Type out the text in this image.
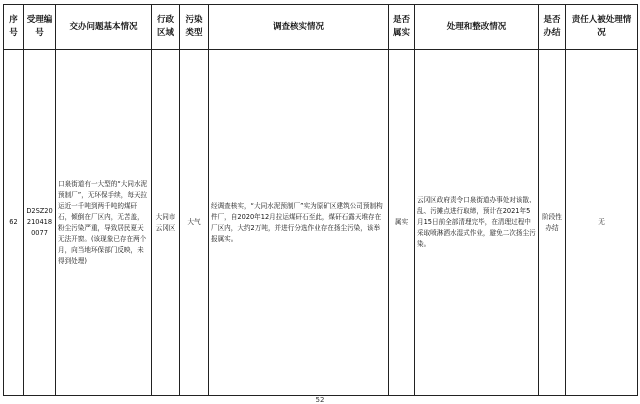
序号	受理编号	交办问题基本情况	行政区域	污染类型	调查核实情况	是否属实	处理和整改情况	是否办结	责任人被处理情况
62	D2SZ202104180077	口泉街道有一大型的“大同水泥预制厂”，无环保手续，每天拉运近一千吨到两千吨的煤矸石，倾倒在厂区内，无苫盖，粉尘污染严重，导致居民夏天无法开窗。(该现象已存在两个月，向当地环保部门反映，未得到处理)	大同市云冈区	大气	经调查核实，“大同水泥预制厂”实为原矿区建筑公司预制构件厂，自2020年12月拉运煤矸石至此，煤矸石露天堆存在厂区内，大约2万吨，并进行分选作业存在扬尘污染，该举报属实。	属实	云冈区政府责令口泉街道办事处对该散、乱、污摊点进行取缔，预计在2021年5月15日前全部清理完毕，在清理过程中采取喷淋洒水湿式作业，避免二次扬尘污染。	阶段性办结	无
52
